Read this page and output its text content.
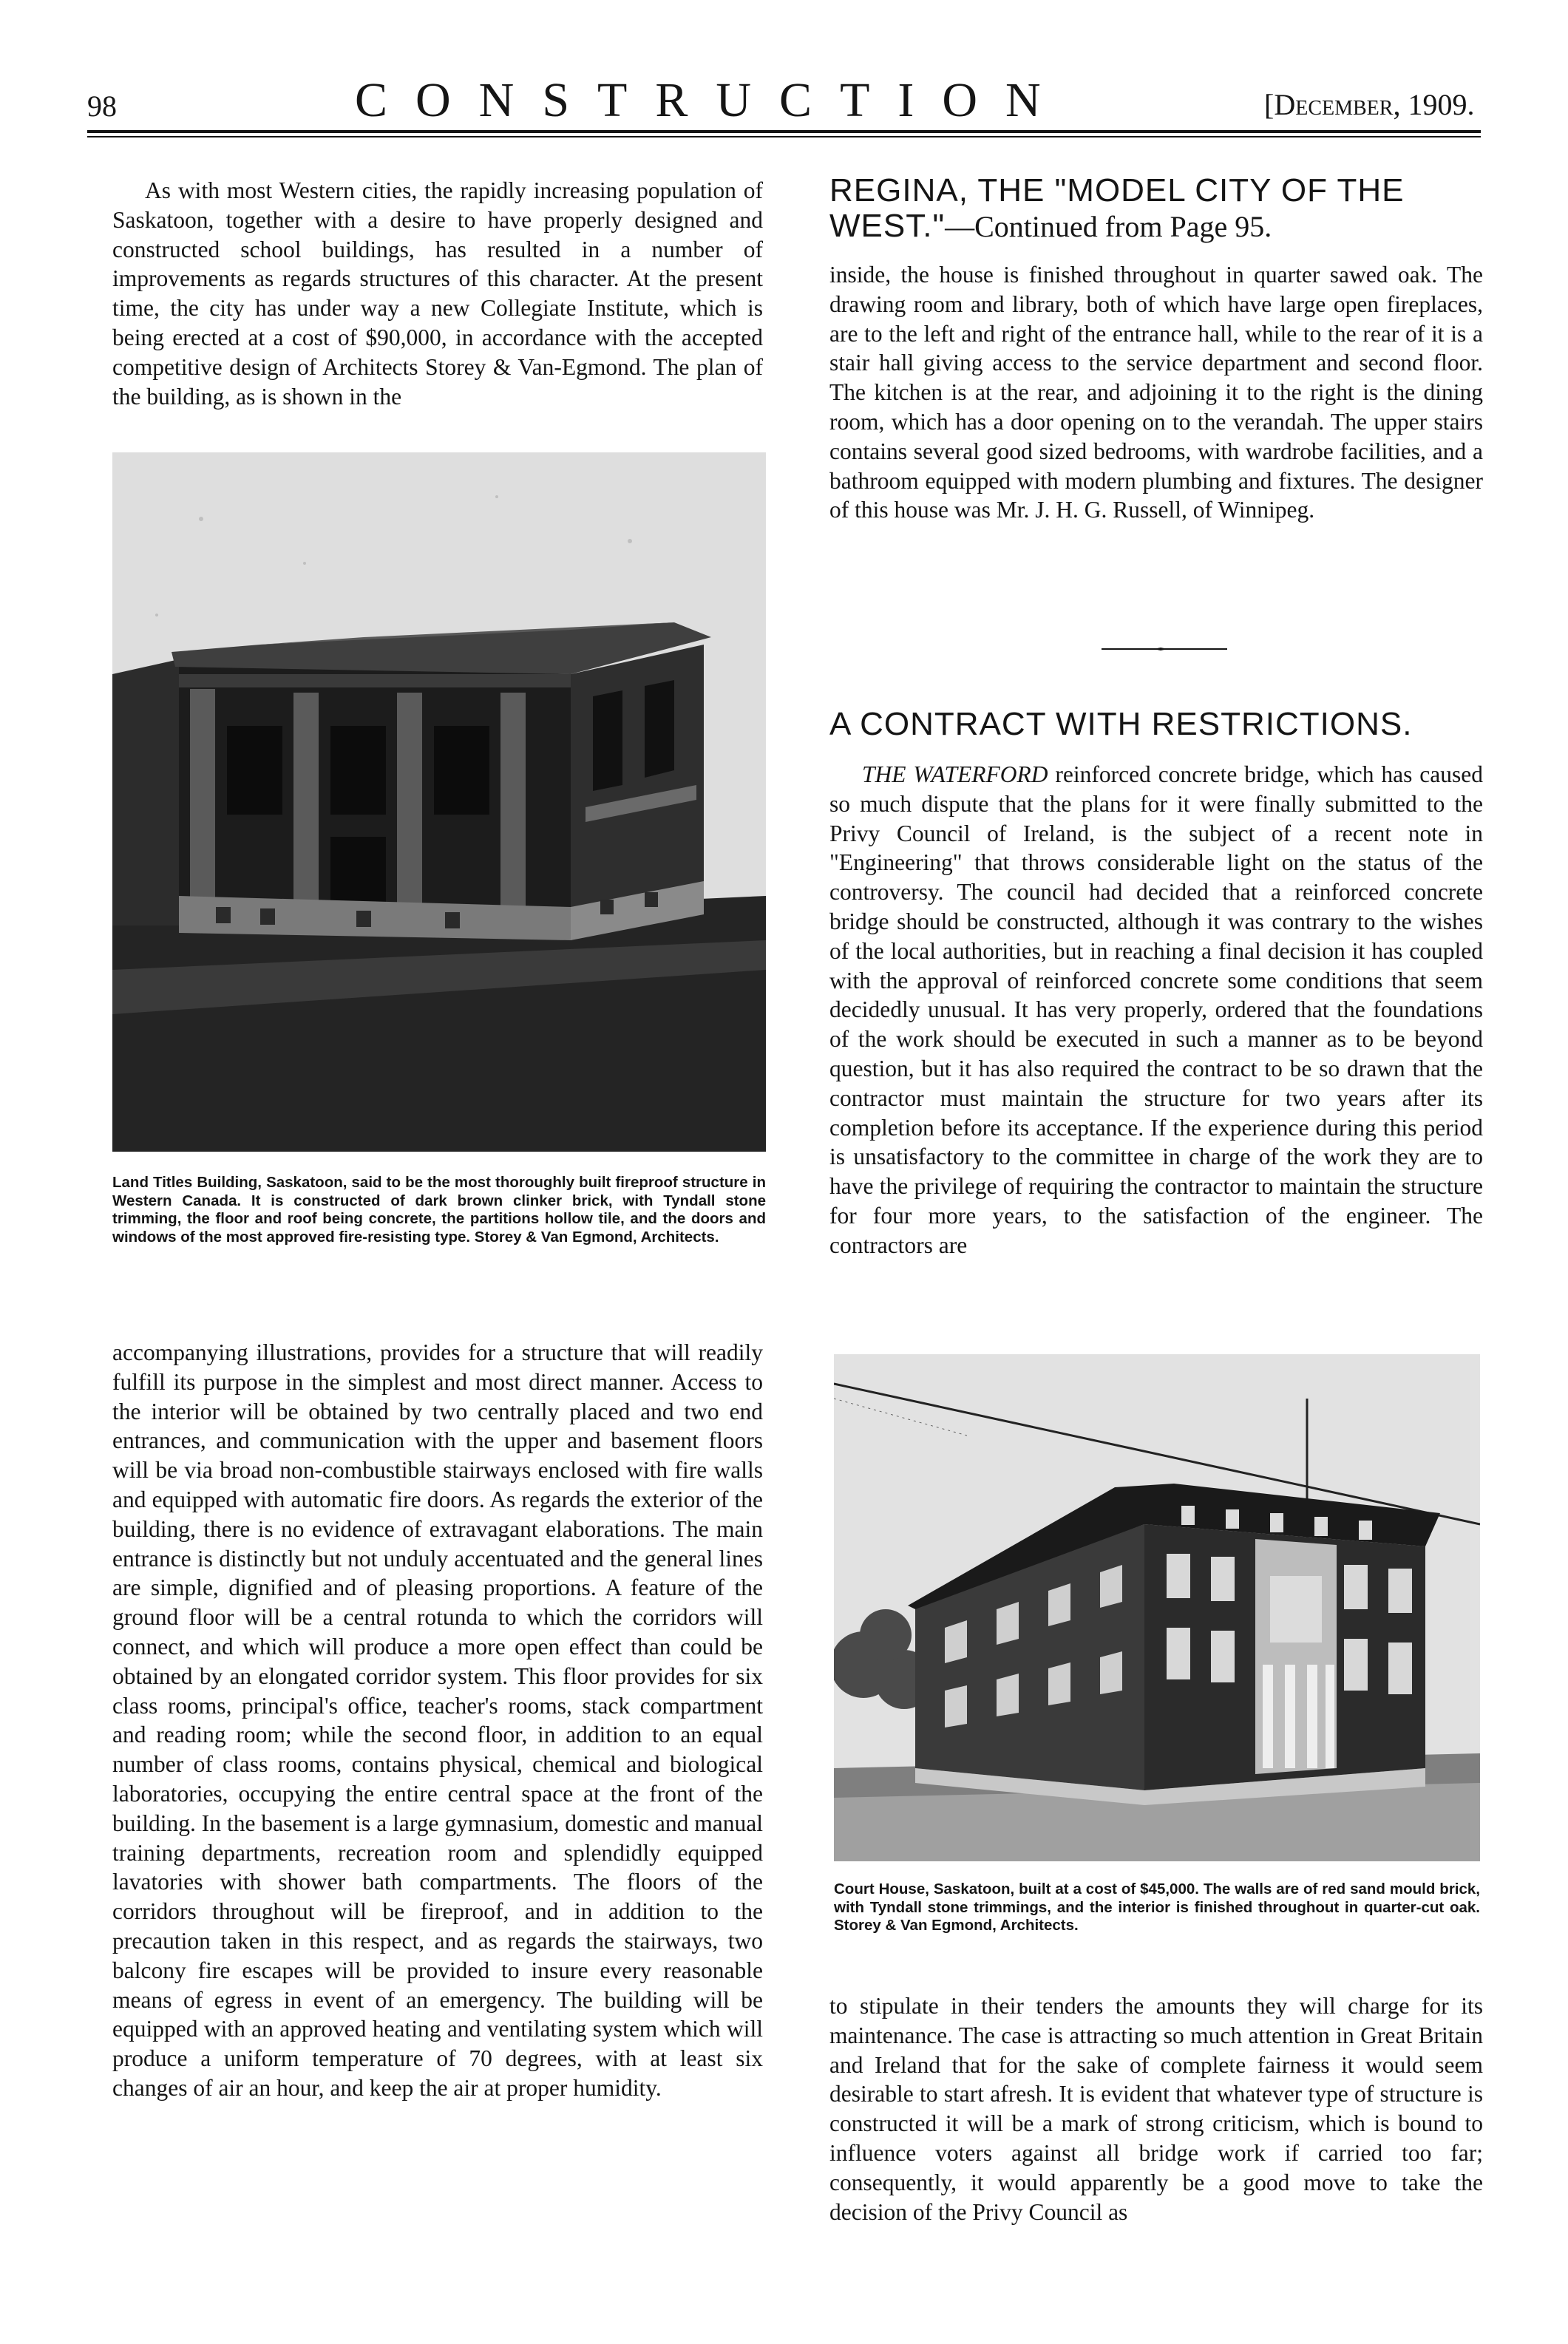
98	CONSTRUCTION	[December, 1909.

As with most Western cities, the rapidly increasing population of Saskatoon, together with a desire to have properly designed and constructed school buildings, has resulted in a number of improvements as regards structures of this character. At the present time, the city has under way a new Collegiate Institute, which is being erected at a cost of $90,000, in accordance with the accepted competitive design of Architects Storey & Van-Egmond. The plan of the building, as is shown in the

Land Titles Building, Saskatoon, said to be the most thoroughly built fireproof structure in Western Canada. It is constructed of dark brown clinker brick, with Tyndall stone trimming, the floor and roof being concrete, the partitions hollow tile, and the doors and windows of the most approved fire-resisting type. Storey & Van Egmond, Architects.

accompanying illustrations, provides for a structure that will readily fulfill its purpose in the simplest and most direct manner. Access to the interior will be obtained by two centrally placed and two end entrances, and communication with the upper and basement floors will be via broad non-combustible stairways enclosed with fire walls and equipped with automatic fire doors. As regards the exterior of the building, there is no evidence of extravagant elaborations. The main entrance is distinctly but not unduly accentuated and the general lines are simple, dignified and of pleasing proportions. A feature of the ground floor will be a central rotunda to which the corridors will connect, and which will produce a more open effect than could be obtained by an elongated corridor system. This floor provides for six class rooms, principal's office, teacher's rooms, stack compartment and reading room; while the second floor, in addition to an equal number of class rooms, contains physical, chemical and biological laboratories, occupying the entire central space at the front of the building. In the basement is a large gymnasium, domestic and manual training departments, recreation room and splendidly equipped lavatories with shower bath compartments. The floors of the corridors throughout will be fireproof, and in addition to the precaution taken in this respect, and as regards the stairways, two balcony fire escapes will be provided to insure every reasonable means of egress in event of an emergency. The building will be equipped with an approved heating and ventilating system which will produce a uniform temperature of 70 degrees, with at least six changes of air an hour, and keep the air at proper humidity.

REGINA, THE "MODEL CITY OF THE WEST."—Continued from Page 95.

inside, the house is finished throughout in quarter sawed oak. The drawing room and library, both of which have large open fireplaces, are to the left and right of the entrance hall, while to the rear of it is a stair hall giving access to the service department and second floor. The kitchen is at the rear, and adjoining it to the right is the dining room, which has a door opening on to the verandah. The upper stairs contains several good sized bedrooms, with wardrobe facilities, and a bathroom equipped with modern plumbing and fixtures. The designer of this house was Mr. J. H. G. Russell, of Winnipeg.

A CONTRACT WITH RESTRICTIONS.

THE WATERFORD reinforced concrete bridge, which has caused so much dispute that the plans for it were finally submitted to the Privy Council of Ireland, is the subject of a recent note in "Engineering" that throws considerable light on the status of the controversy. The council had decided that a reinforced concrete bridge should be constructed, although it was contrary to the wishes of the local authorities, but in reaching a final decision it has coupled with the approval of reinforced concrete some conditions that seem decidedly unusual. It has very properly, ordered that the foundations of the work should be executed in such a manner as to be beyond question, but it has also required the contract to be so drawn that the contractor must maintain the structure for two years after its completion before its acceptance. If the experience during this period is unsatisfactory to the committee in charge of the work they are to have the privilege of requiring the contractor to maintain the structure for four more years, to the satisfaction of the engineer. The contractors are

Court House, Saskatoon, built at a cost of $45,000. The walls are of red sand mould brick, with Tyndall stone trimmings, and the interior is finished throughout in quarter-cut oak. Storey & Van Egmond, Architects.

to stipulate in their tenders the amounts they will charge for its maintenance. The case is attracting so much attention in Great Britain and Ireland that for the sake of complete fairness it would seem desirable to start afresh. It is evident that whatever type of structure is constructed it will be a mark of strong criticism, which is bound to influence voters against all bridge work if carried too far; consequently, it would apparently be a good move to take the decision of the Privy Council as
